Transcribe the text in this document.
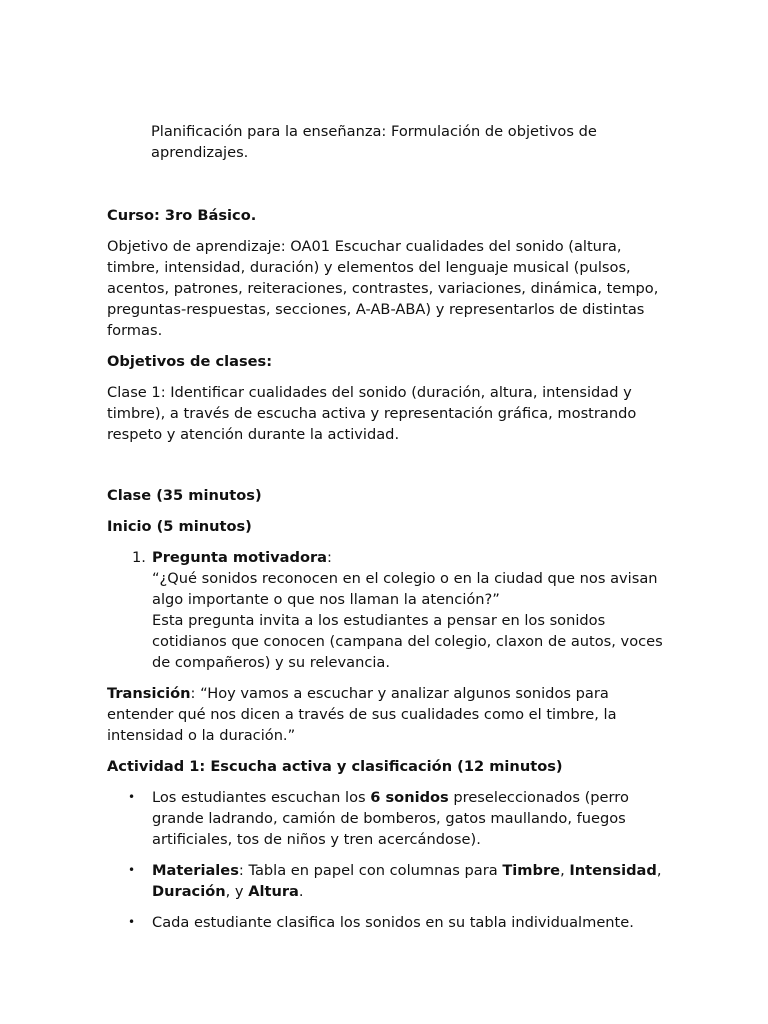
Planificación para la enseñanza: Formulación de objetivos de aprendizajes.

Curso: 3ro Básico.

Objetivo de aprendizaje: OA01 Escuchar cualidades del sonido (altura, timbre, intensidad, duración) y elementos del lenguaje musical (pulsos, acentos, patrones, reiteraciones, contrastes, variaciones, dinámica, tempo, preguntas-respuestas, secciones, A-AB-ABA) y representarlos de distintas formas.

Objetivos de clases:

Clase 1: Identificar cualidades del sonido (duración, altura, intensidad y timbre), a través de escucha activa y representación gráfica, mostrando respeto y atención durante la actividad.

Clase (35 minutos)

Inicio (5 minutos)

1. Pregunta motivadora:
“¿Qué sonidos reconocen en el colegio o en la ciudad que nos avisan algo importante o que nos llaman la atención?”
Esta pregunta invita a los estudiantes a pensar en los sonidos cotidianos que conocen (campana del colegio, claxon de autos, voces de compañeros) y su relevancia.

Transición: “Hoy vamos a escuchar y analizar algunos sonidos para entender qué nos dicen a través de sus cualidades como el timbre, la intensidad o la duración.”

Actividad 1: Escucha activa y clasificación (12 minutos)

• Los estudiantes escuchan los 6 sonidos preseleccionados (perro grande ladrando, camión de bomberos, gatos maullando, fuegos artificiales, tos de niños y tren acercándose).
• Materiales: Tabla en papel con columnas para Timbre, Intensidad, Duración, y Altura.
• Cada estudiante clasifica los sonidos en su tabla individualmente.
